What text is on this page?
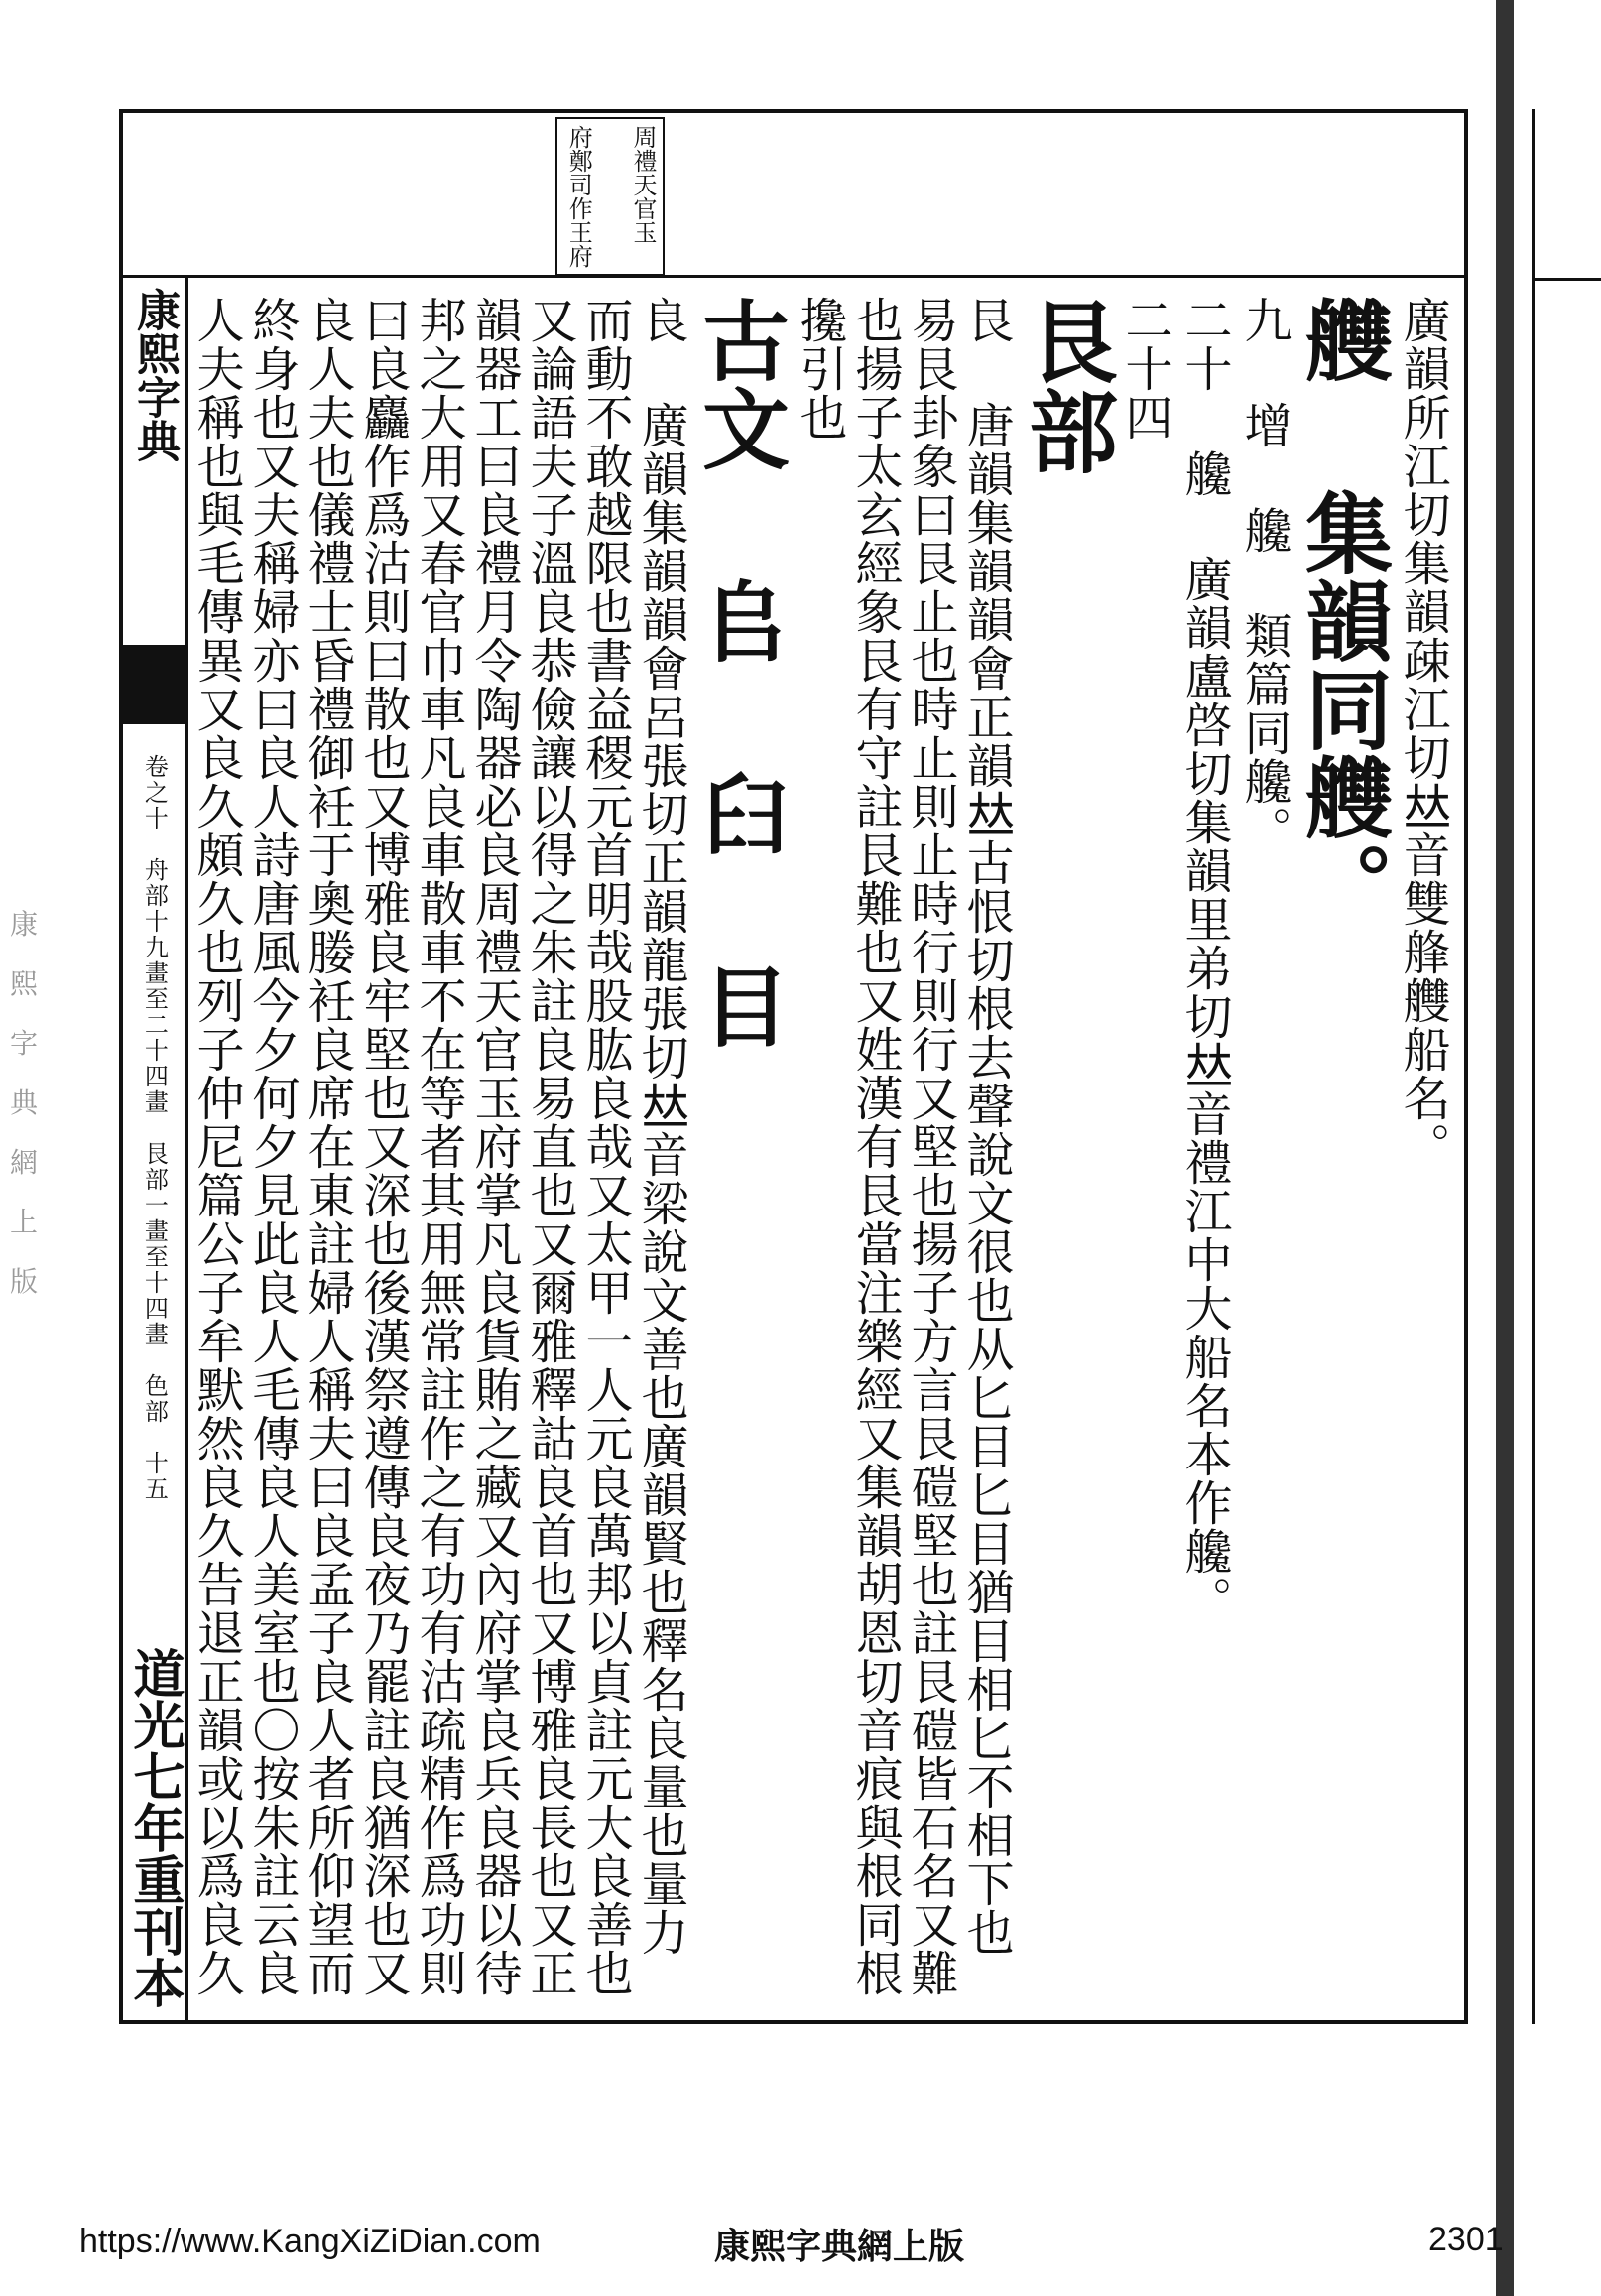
康
熙
字
典
網
上
版
周禮天官玉
府鄭司作王府
康熙字典
卷之十　舟部十九畫至二十四畫　艮部一畫至十四畫　色部　十五
道光七年重刊本
廣韻所江切集韻疎江切𠀤音雙艂艭船名。
艭 集韻同艭。
九 增 艬 類篇同艬。
二十 艬 廣韻盧啓切集韻里弟切𠀤音禮江中大船名本作艬。
二十四
艮部
艮 唐韻集韻韻會正韻𠀤古恨切根去聲說文很也从匕目匕目猶目相匕不相下也易艮卦象曰艮止也時止則止時行則行又堅也揚子方言艮磑堅也註艮磑皆石名又難也揚子太玄經象艮有守註艮難也又姓漢有艮當注樂經又集韻胡恩切音痕與根同根攙引也
古文 𠂤 𦥑 目
良 廣韻集韻韻會呂張切正韻龍張切𠀤音梁說文善也廣韻賢也釋名良量也量力而動不敢越限也書益稷元首明哉股肱良哉又太甲一人元良萬邦以貞註元大良善也又論語夫子溫良恭儉讓以得之朱註良易直也又爾雅釋詁良首也又博雅良長也又正韻器工曰良禮月令陶器必良周禮天官玉府掌凡良貨賄之藏又內府掌良兵良器以待邦之大用又春官巾車凡良車散車不在等者其用無常註作之有功有沽疏精作爲功則曰良麤作爲沽則曰散也又博雅良牢堅也又深也後漢祭遵傳良夜乃罷註良猶深也又良人夫也儀禮士昏禮御衽于奧媵衽良席在東註婦人稱夫曰良孟子良人者所仰望而終身也又夫稱婦亦曰良人詩唐風今夕何夕見此良人毛傳良人美室也〇按朱註云良人夫稱也與毛傳異又良久頗久也列子仲尼篇公子牟默然良久告退正韻或以爲良久
https://www.KangXiZiDian.com	康熙字典網上版	2301
